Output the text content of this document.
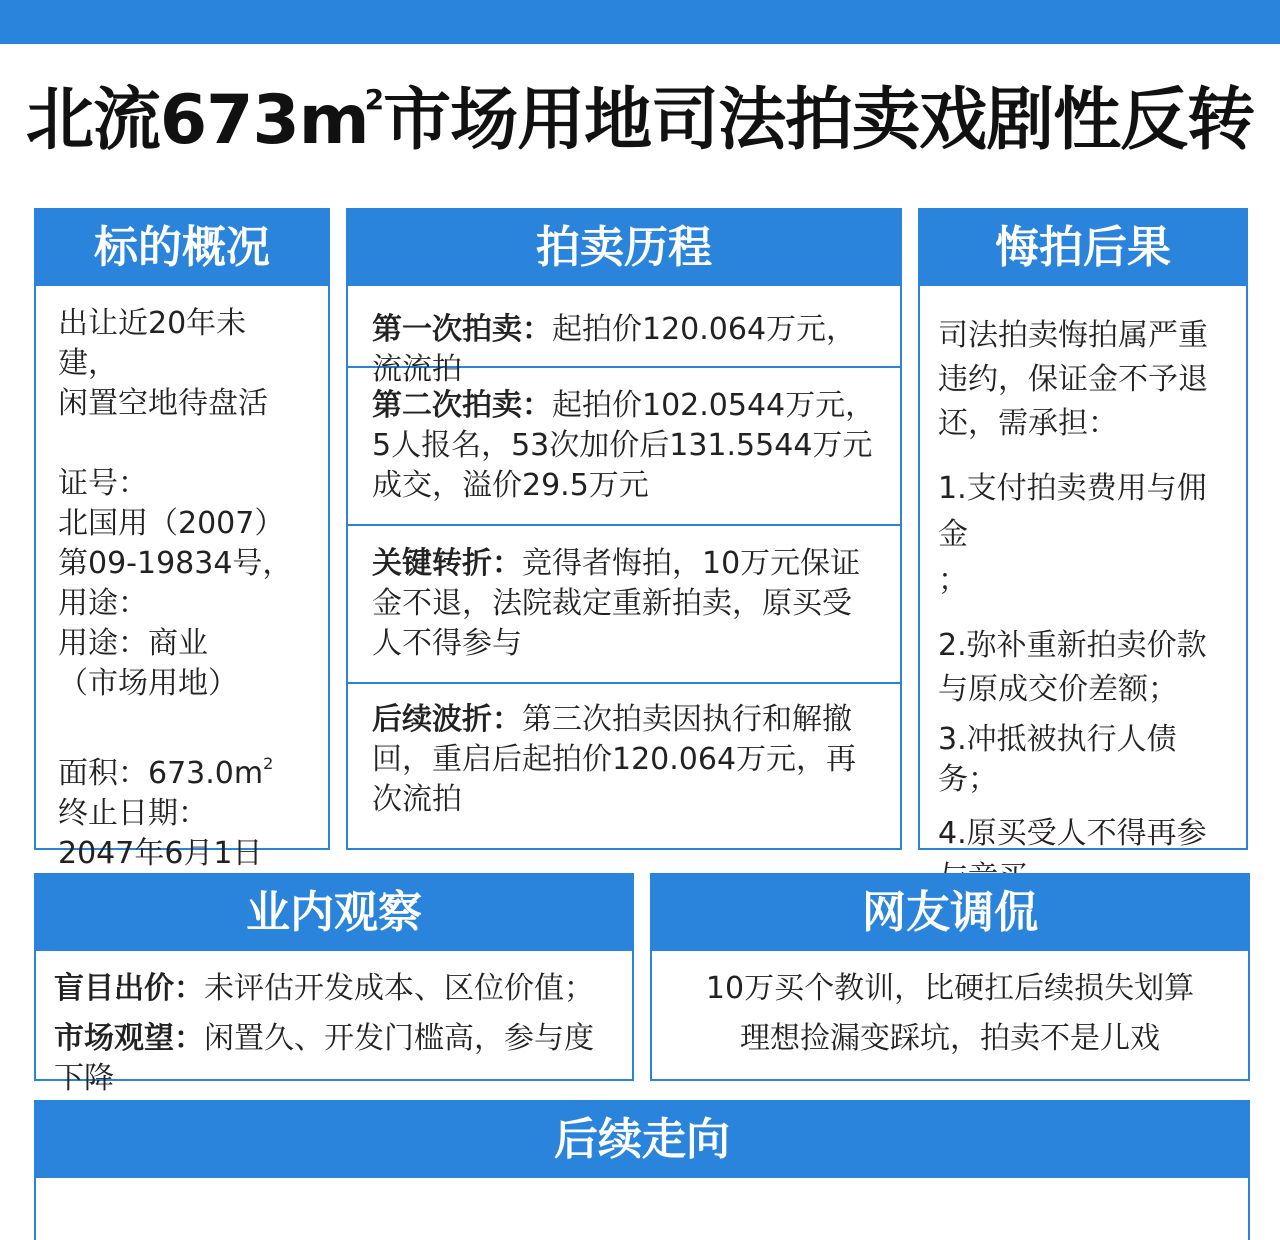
北流$673m^2$市场用地司法拍卖戏剧性反转
标的概况
出让近20年未建，
闲置空地待盘活
证号：
北国用（2007）
第09-19834号，
用途：
用途：商业
（市场用地）
面积：$673.0m^2$
终止日期：
2047年6月1日
拍卖历程
第一次拍卖：起拍价120.064万元，流流拍
第二次拍卖：起拍价102.0544万元，5人报名，53次加价后131.5544万元成交，溢价29.5万元
关键转折：竞得者悔拍，10万元保证金不退，法院裁定重新拍卖，原买受人不得参与
后续波折：第三次拍卖因执行和解撤回，重启后起拍价120.064万元，再次流拍
悔拍后果
司法拍卖悔拍属严重违约，保证金不予退还，需承担：
1.支付拍卖费用与佣金
；
2.弥补重新拍卖价款与原成交价差额；
3.冲抵被执行人债务；
4.原买受人不得再参
业内观察
盲目出价：未评估开发成本、区位价值；
市场观望：闲置久、开发门槛高，参与度下降
网友调侃
10万买个教训，比硬扛后续损失划算
理想捡漏变踩坑，拍卖不是儿戏
后续走向
